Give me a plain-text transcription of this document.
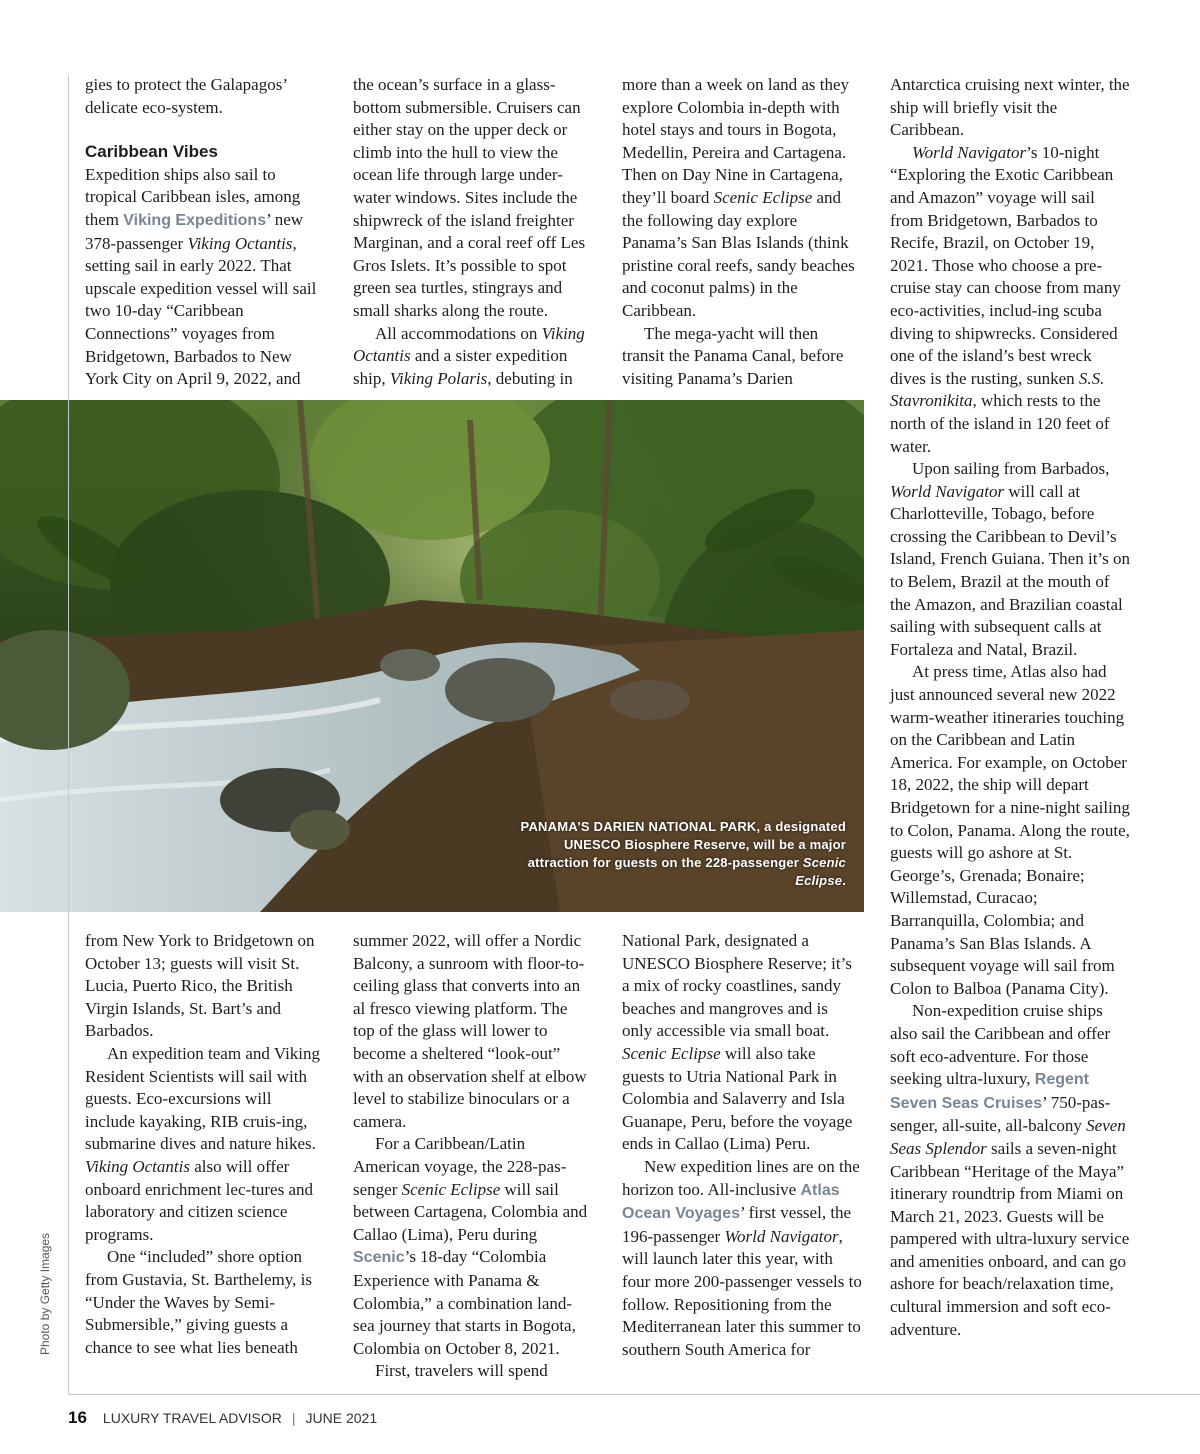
gies to protect the Galapagos’ delicate eco-system.

Caribbean Vibes

Expedition ships also sail to tropical Caribbean isles, among them Viking Expeditions’ new 378-passenger Viking Octantis, setting sail in early 2022. That upscale expedition vessel will sail two 10-day “Caribbean Connections” voyages from Bridgetown, Barbados to New York City on April 9, 2022, and

the ocean’s surface in a glass-bottom submersible. Cruisers can either stay on the upper deck or climb into the hull to view the ocean life through large under-water windows. Sites include the shipwreck of the island freighter Marginan, and a coral reef off Les Gros Islets. It’s possible to spot green sea turtles, stingrays and small sharks along the route.

All accommodations on Viking Octantis and a sister expedition ship, Viking Polaris, debuting in

more than a week on land as they explore Colombia in-depth with hotel stays and tours in Bogota, Medellin, Pereira and Cartagena. Then on Day Nine in Cartagena, they’ll board Scenic Eclipse and the following day explore Panama’s San Blas Islands (think pristine coral reefs, sandy beaches and coconut palms) in the Caribbean.

The mega-yacht will then transit the Panama Canal, before visiting Panama’s Darien

Antarctica cruising next winter, the ship will briefly visit the Caribbean.

World Navigator’s 10-night “Exploring the Exotic Caribbean and Amazon” voyage will sail from Bridgetown, Barbados to Recife, Brazil, on October 19, 2021. Those who choose a pre-cruise stay can choose from many eco-activities, includ-ing scuba diving to shipwrecks. Considered one of the island’s best wreck dives is the rusting, sunken S.S. Stavronikita, which rests to the north of the island in 120 feet of water.

Upon sailing from Barbados, World Navigator will call at Charlotteville, Tobago, before crossing the Caribbean to Devil’s Island, French Guiana. Then it’s on to Belem, Brazil at the mouth of the Amazon, and Brazilian coastal sailing with subsequent calls at Fortaleza and Natal, Brazil.

At press time, Atlas also had just announced several new 2022 warm-weather itineraries touching on the Caribbean and Latin America. For example, on October 18, 2022, the ship will depart Bridgetown for a nine-night sailing to Colon, Panama. Along the route, guests will go ashore at St. George’s, Grenada; Bonaire; Willemstad, Curacao; Barranquilla, Colombia; and Panama’s San Blas Islands. A subsequent voyage will sail from Colon to Balboa (Panama City).

Non-expedition cruise ships also sail the Caribbean and offer soft eco-adventure. For those seeking ultra-luxury, Regent Seven Seas Cruises’ 750-pas-senger, all-suite, all-balcony Seven Seas Splendor sails a seven-night Caribbean “Heritage of the Maya” itinerary roundtrip from Miami on March 21, 2023. Guests will be pampered with ultra-luxury service and amenities onboard, and can go ashore for beach/relaxation time, cultural immersion and soft eco-adventure.

PANAMA’S DARIEN NATIONAL PARK, a designated UNESCO Biosphere Reserve, will be a major attraction for guests on the 228-passenger Scenic Eclipse.

from New York to Bridgetown on October 13; guests will visit St. Lucia, Puerto Rico, the British Virgin Islands, St. Bart’s and Barbados.

An expedition team and Viking Resident Scientists will sail with guests. Eco-excursions will include kayaking, RIB cruis-ing, submarine dives and nature hikes. Viking Octantis also will offer onboard enrichment lec-tures and laboratory and citizen science programs.

One “included” shore option from Gustavia, St. Barthelemy, is “Under the Waves by Semi-Submersible,” giving guests a chance to see what lies beneath

summer 2022, will offer a Nordic Balcony, a sunroom with floor-to-ceiling glass that converts into an al fresco viewing platform. The top of the glass will lower to become a sheltered “look-out” with an observation shelf at elbow level to stabilize binoculars or a camera.

For a Caribbean/Latin American voyage, the 228-pas-senger Scenic Eclipse will sail between Cartagena, Colombia and Callao (Lima), Peru during Scenic’s 18-day “Colombia Experience with Panama & Colombia,” a combination land-sea journey that starts in Bogota, Colombia on October 8, 2021.

First, travelers will spend

National Park, designated a UNESCO Biosphere Reserve; it’s a mix of rocky coastlines, sandy beaches and mangroves and is only accessible via small boat. Scenic Eclipse will also take guests to Utria National Park in Colombia and Salaverry and Isla Guanape, Peru, before the voyage ends in Callao (Lima) Peru.

New expedition lines are on the horizon too. All-inclusive Atlas Ocean Voyages’ first vessel, the 196-passenger World Navigator, will launch later this year, with four more 200-passenger vessels to follow. Repositioning from the Mediterranean later this summer to southern South America for

Photo by Getty Images
16 LUXURY TRAVEL ADVISOR | JUNE 2021
